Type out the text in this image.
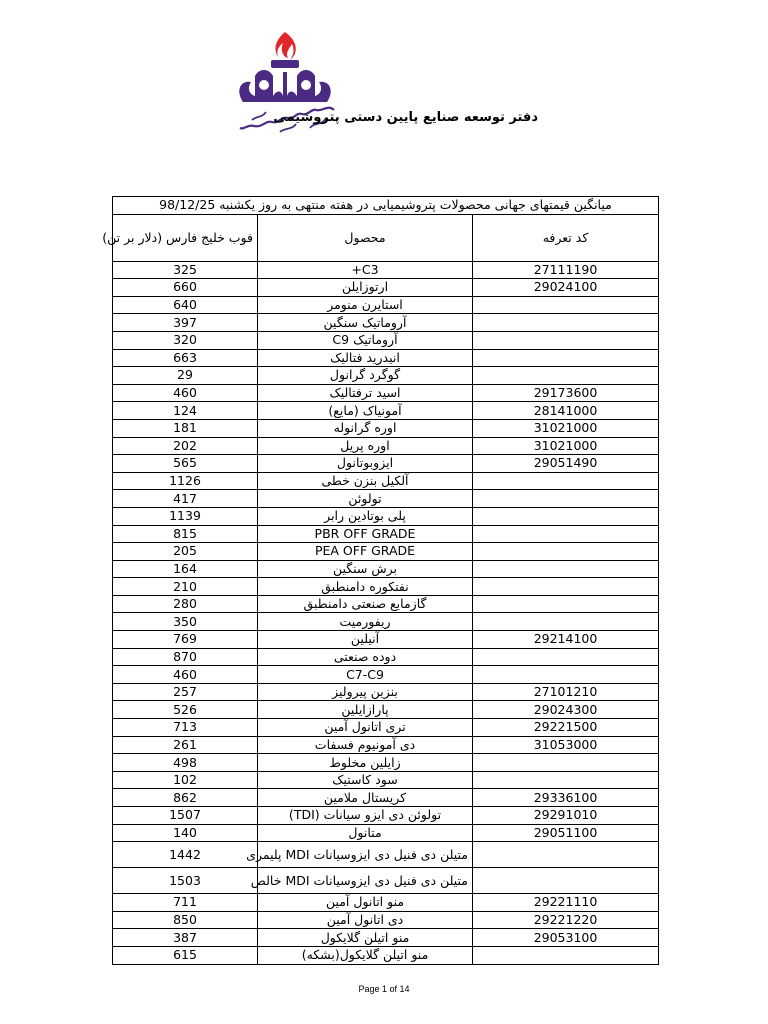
دفتر توسعه صنایع پایین دستی پتروشیمی
میانگین قیمتهای جهانی محصولات پتروشیمیایی در هفته منتهی به روز یکشنبه 98/12/25		
فوب خلیج فارس (دلار بر تن)	محصول	کد تعرفه
325	C3+	27111190
660	ارتوزایلن	29024100
640	استایرن منومر	
397	آروماتیک سنگین	
320	آروماتیک C9	
663	انیدرید فتالیک	
29	گوگرد گرانول	
460	اسید ترفتالیک	29173600
124	آمونیاک (مایع)	28141000
181	اوره گرانوله	31021000
202	اوره پریل	31021000
565	ایزوبوتانول	29051490
1126	آلکیل بنزن خطی	
417	تولوئن	
1139	پلی بوتادین رابر	
815	PBR OFF GRADE	
205	PEA OFF GRADE	
164	برش سنگین	
210	نفتکوره دامنطبق	
280	گازمایع صنعتی دامنطبق	
350	ریفورمیت	
769	آنیلین	29214100
870	دوده صنعتی	
460	C7-C9	
257	بنزین پیرولیز	27101210
526	پارازایلین	29024300
713	تری اتانول آمین	29221500
261	دی آمونیوم فسفات	31053000
498	زایلین مخلوط	
102	سود کاستیک	
862	کریستال ملامین	29336100
1507	تولوئن دی ایزو سیانات (TDI)	29291010
140	متانول	29051100
1442	متیلن دی فنیل دی ایزوسیانات MDI پلیمری	
1503	متیلن دی فنیل دی ایزوسیانات MDI خالص	
711	منو اتانول آمین	29221110
850	دی اتانول آمین	29221220
387	منو اتیلن گلایکول	29053100
615	منو اتیلن گلایکول(بشکه)	
Page 1 of 14
